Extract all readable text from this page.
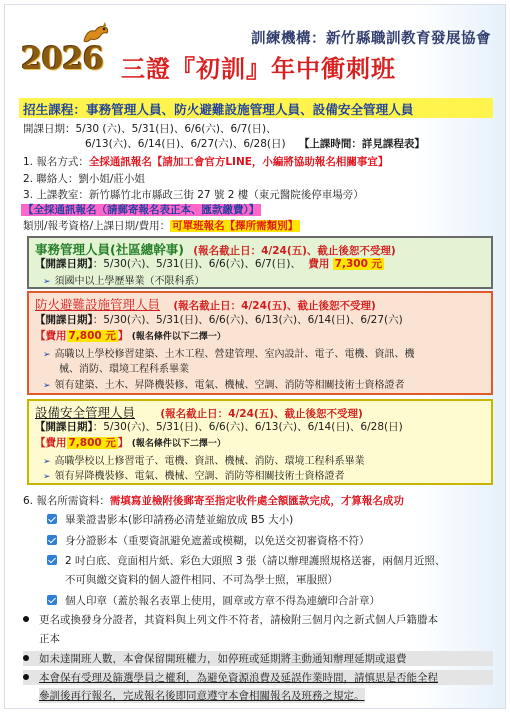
訓練機構：新竹縣職訓教育發展協會
2026 三證『初訓』年中衝刺班
招生課程：事務管理人員、防火避難設施管理人員、設備安全管理人員
開課日期：5/30 (六)、5/31(日)、6/6(六)、6/7(日)、
6/13(六)、6/14(日)、6/27(六)、6/28(日) 【上課時間：詳見課程表】
1. 報名方式：全採通訊報名【請加工會官方LINE，小編將協助報名相關事宜】
2. 聯絡人：劉小姐/莊小姐
3. 上課教室：新竹縣竹北市縣政三街 27 號 2 樓（東元醫院後停車場旁）
【全採通訊報名（請郵寄報名表正本、匯款繳費）】
類別/報考資格/上課日期/費用： 可單班報名【擇所需類別】
事務管理人員(社區總幹事) (報名截止日：4/24(五)、截止後恕不受理)
【開課日期】：5/30(六)、5/31(日)、6/6(六)、6/7(日)、 費用 7,300 元
➢ 須國中以上學歷畢業（不限科系）
防火避難設施管理人員 (報名截止日：4/24(五)、截止後恕不受理)
【開課日期】：5/30(六)、5/31(日)、6/6(六)、6/13(六)、6/14(日)、6/27(六)
【費用 7,800 元 】 (報名條件以下二擇一）
➢ 高職以上學校修習建築、土木工程、營建管理、室內設計、電子、電機、資訊、機
械、消防、環境工程科系畢業
➢ 領有建築、土木、昇降機裝修、電氣、機械、空調、消防等相關技術士資格證者
設備安全管理人員 (報名截止日：4/24(五)、截止後恕不受理)
【開課日期】：5/30(六)、5/31(日)、6/6(六)、6/13(六)、6/14(日)、6/28(日)
【費用 7,800 元 】 (報名條件以下二擇一）
➢ 高職學校以上修習電子、電機、資訊、機械、消防、環境工程科系畢業
➢ 領有昇降機裝修、電氣、機械、空調、消防等相關技術士資格證者
6. 報名所需資料：需填寫並檢附後郵寄至指定收件處全額匯款完成，才算報名成功
畢業證書影本(影印請務必清楚並縮放成 B5 大小)
身分證影本（重要資訊避免遮蓋或模糊，以免送交初審資格不符）
2 吋白底、竟面相片紙、彩色大頭照 3 張（請以辦理護照規格送審，兩個月近照、
不可與繳交資料的個人證件相同、不可為學士照，軍服照）
個人印章（蓋於報名表單上使用，圓章或方章不得為連續印合計章）
更名或換發身分證者，其資料與上列文件不符者，請檢附三個月內之新式個人戶籍謄本
正本
如未達開班人數，本會保留開班權力，如停班或延期將主動通知辦理延期或退費
本會保有受理及篩選學員之權利，為避免資源浪費及延誤作業時間，請慎思是否能全程
參訓後再行報名，完成報名後即同意遵守本會相關報名及班務之規定。
